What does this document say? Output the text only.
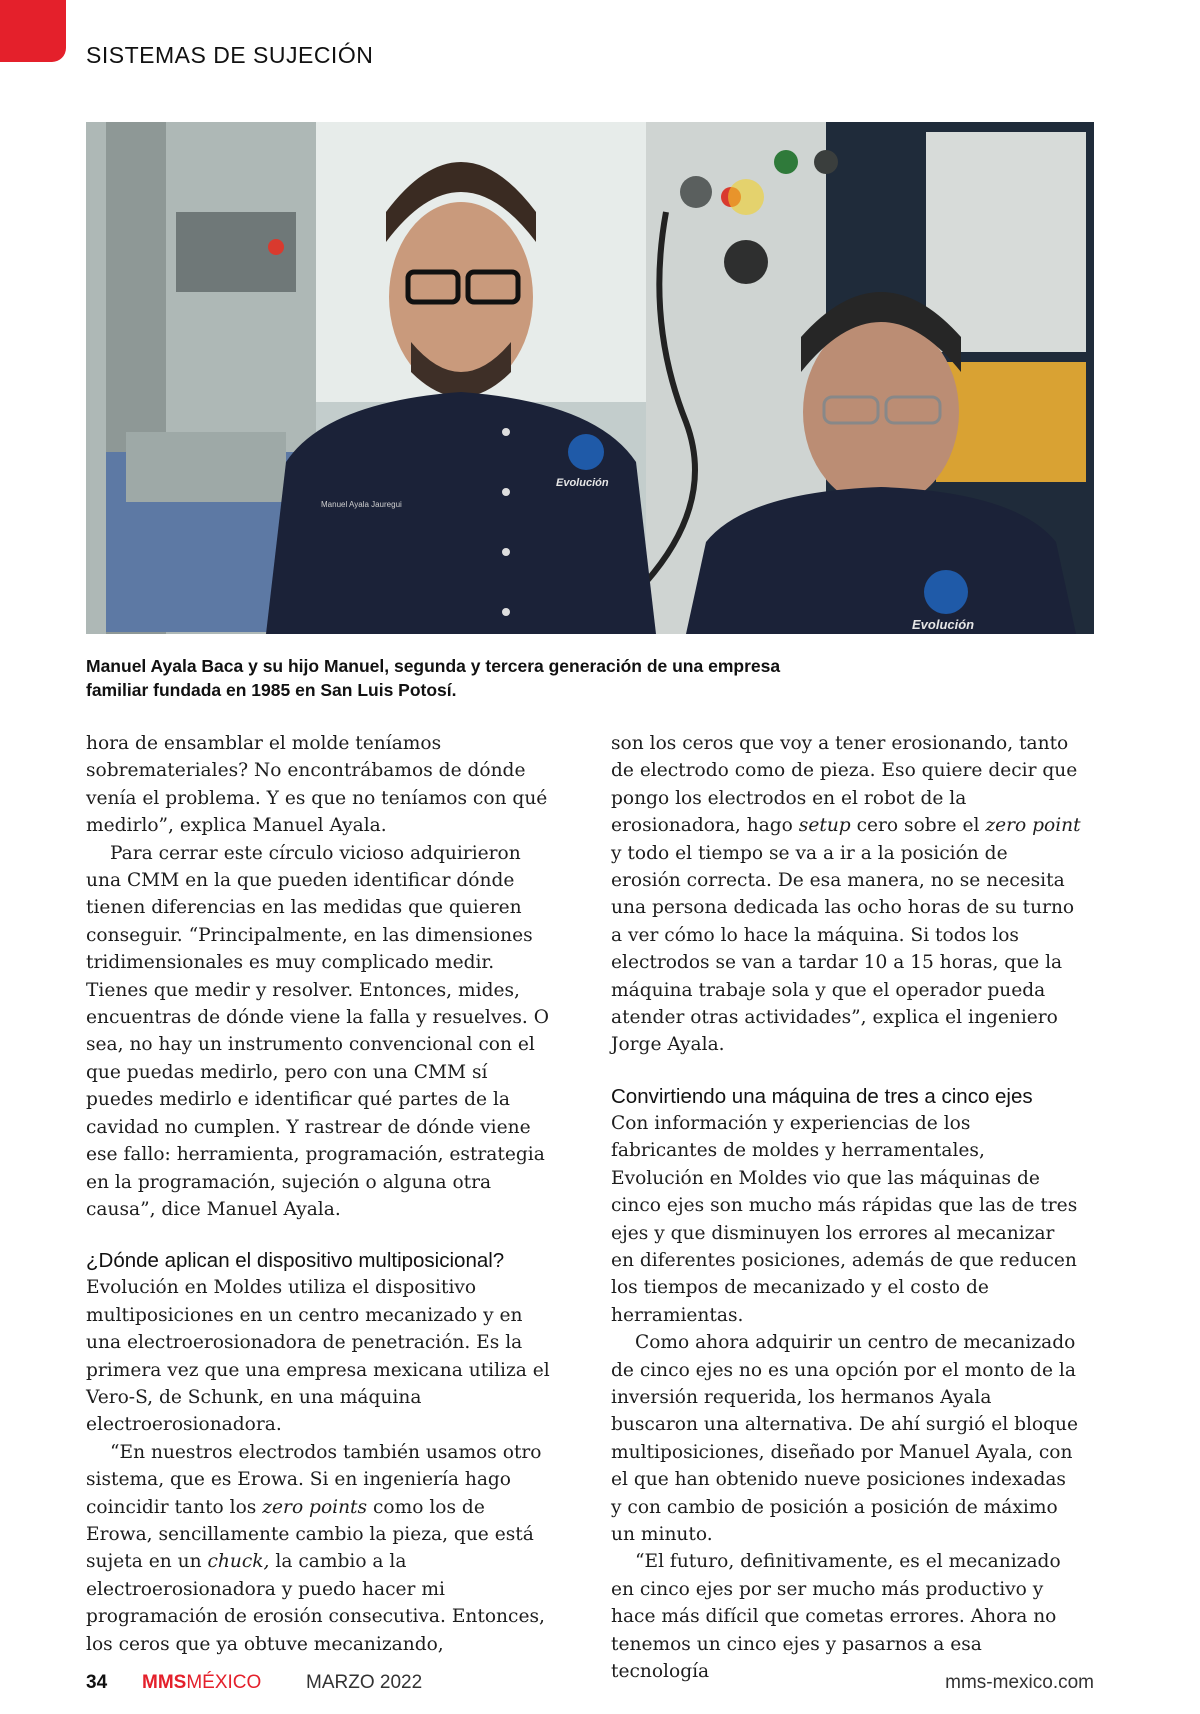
SISTEMAS DE SUJECIÓN
Manuel Ayala Jauregui
Evolución
Evolución
Manuel Ayala Baca y su hijo Manuel, segunda y tercera generación de una empresa familiar fundada en 1985 en San Luis Potosí.

hora de ensamblar el molde teníamos sobremateriales? No encontrábamos de dónde venía el problema. Y es que no teníamos con qué medirlo”, explica Manuel Ayala.

Para cerrar este círculo vicioso adquirieron una CMM en la que pueden identificar dónde tienen diferencias en las medidas que quieren conseguir. “Principalmente, en las dimensiones tridimensionales es muy complicado medir. Tienes que medir y resolver. Entonces, mides, encuentras de dónde viene la falla y resuelves. O sea, no hay un instrumento convencional con el que puedas medirlo, pero con una CMM sí puedes medirlo e identificar qué partes de la cavidad no cumplen. Y rastrear de dónde viene ese fallo: herramienta, programación, estrategia en la programación, sujeción o alguna otra causa”, dice Manuel Ayala.

¿Dónde aplican el dispositivo multiposicional?

Evolución en Moldes utiliza el dispositivo multiposiciones en un centro mecanizado y en una electroerosionadora de penetración. Es la primera vez que una empresa mexicana utiliza el Vero-S, de Schunk, en una máquina electroerosionadora.

“En nuestros electrodos también usamos otro sistema, que es Erowa. Si en ingeniería hago coincidir tanto los zero points como los de Erowa, sencillamente cambio la pieza, que está sujeta en un chuck, la cambio a la electroerosionadora y puedo hacer mi programación de erosión consecutiva. Entonces, los ceros que ya obtuve mecanizando,

son los ceros que voy a tener erosionando, tanto de electrodo como de pieza. Eso quiere decir que pongo los electrodos en el robot de la erosionadora, hago setup cero sobre el zero point y todo el tiempo se va a ir a la posición de erosión correcta. De esa manera, no se necesita una persona dedicada las ocho horas de su turno a ver cómo lo hace la máquina. Si todos los electrodos se van a tardar 10 a 15 horas, que la máquina trabaje sola y que el operador pueda atender otras actividades”, explica el ingeniero Jorge Ayala.

Convirtiendo una máquina de tres a cinco ejes

Con información y experiencias de los fabricantes de moldes y herramentales, Evolución en Moldes vio que las máquinas de cinco ejes son mucho más rápidas que las de tres ejes y que disminuyen los errores al mecanizar en diferentes posiciones, además de que reducen los tiempos de mecanizado y el costo de herramientas.

Como ahora adquirir un centro de mecanizado de cinco ejes no es una opción por el monto de la inversión requerida, los hermanos Ayala buscaron una alternativa. De ahí surgió el bloque multiposiciones, diseñado por Manuel Ayala, con el que han obtenido nueve posiciones indexadas y con cambio de posición a posición de máximo un minuto.

“El futuro, definitivamente, es el mecanizado en cinco ejes por ser mucho más productivo y hace más difícil que cometas errores. Ahora no tenemos un cinco ejes y pasarnos a esa tecnología

34 MMS MÉXICO MARZO 2022	mms-mexico.com
